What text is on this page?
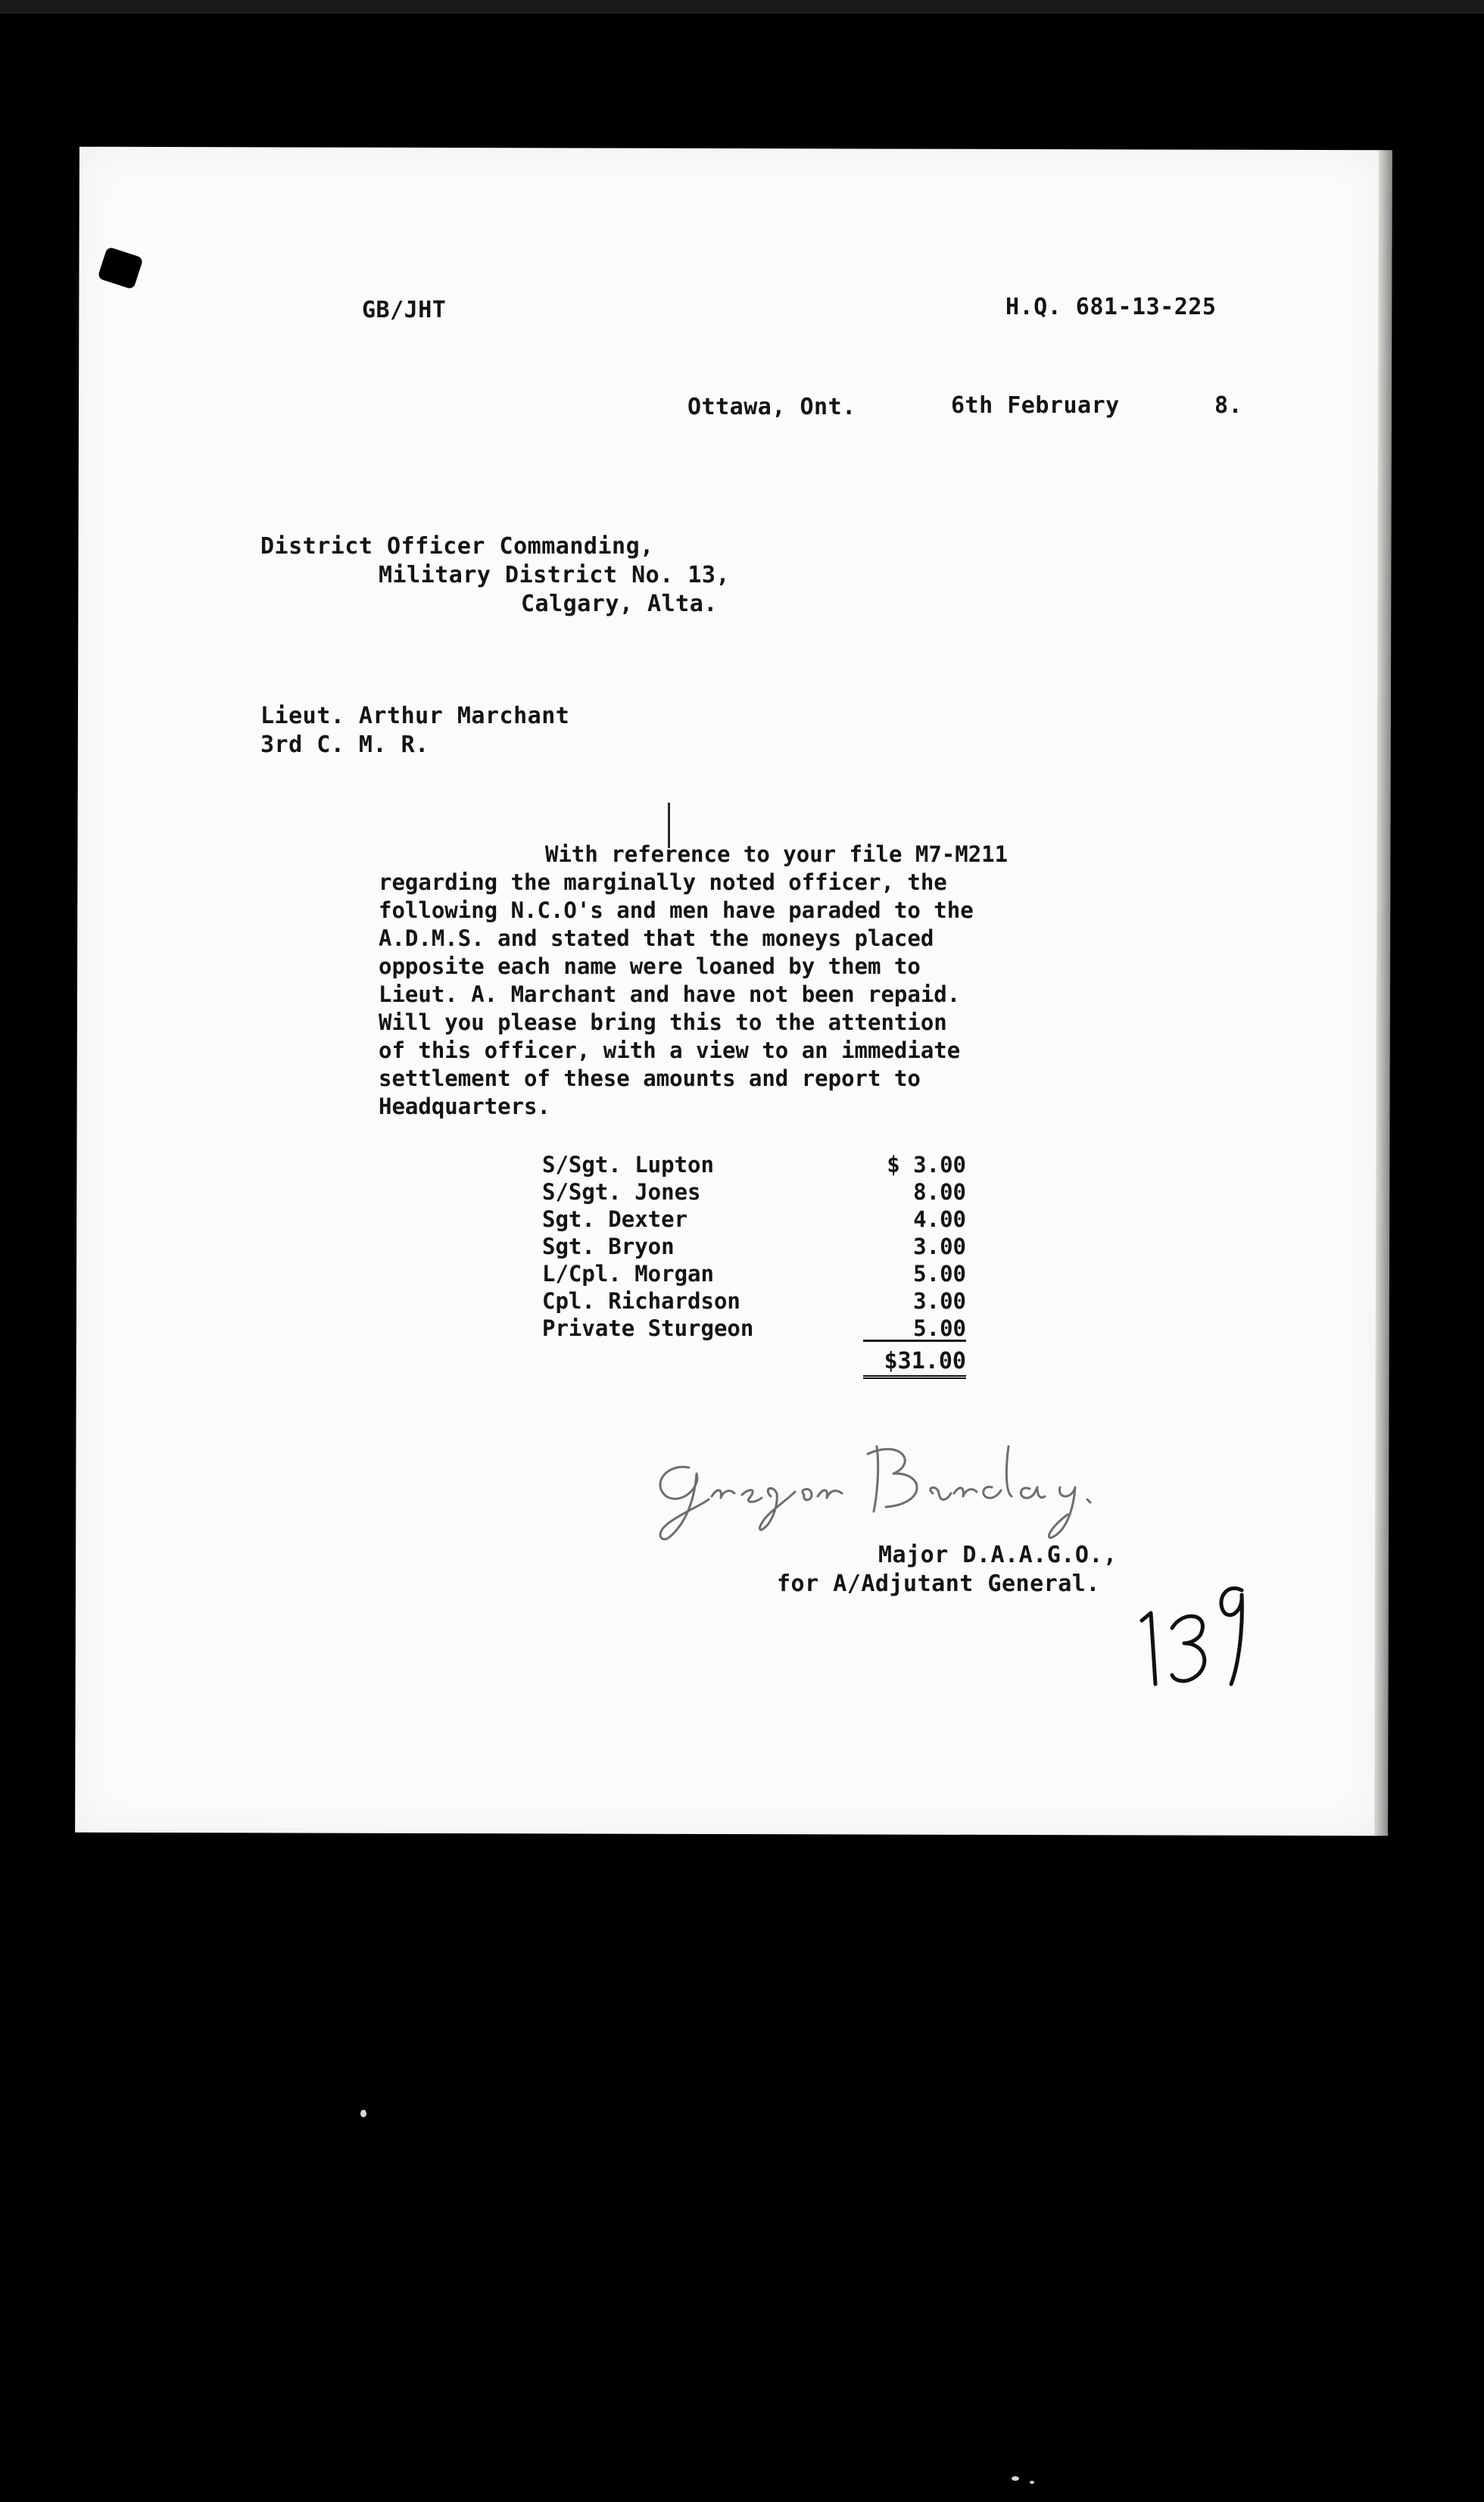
GB/JHT	H.Q. 681-13-225
Ottawa, Ont.	6th February	8.
District Officer Commanding,
Military District No. 13,
Calgary, Alta.
Lieut. Arthur Marchant
3rd C. M. R.
With reference to your file M7-M211
regarding the marginally noted officer, the
following N.C.O's and men have paraded to the
A.D.M.S. and stated that the moneys placed
opposite each name were loaned by them to
Lieut. A. Marchant and have not been repaid.
Will you please bring this to the attention
of this officer, with a view to an immediate
settlement of these amounts and report to
Headquarters.
S/Sgt. Lupton	$ 3.00
S/Sgt. Jones	8.00
Sgt. Dexter	4.00
Sgt. Bryon	3.00
L/Cpl. Morgan	5.00
Cpl. Richardson	3.00
Private Sturgeon	5.00
$31.00
Major D.A.A.G.O.,
for A/Adjutant General.
